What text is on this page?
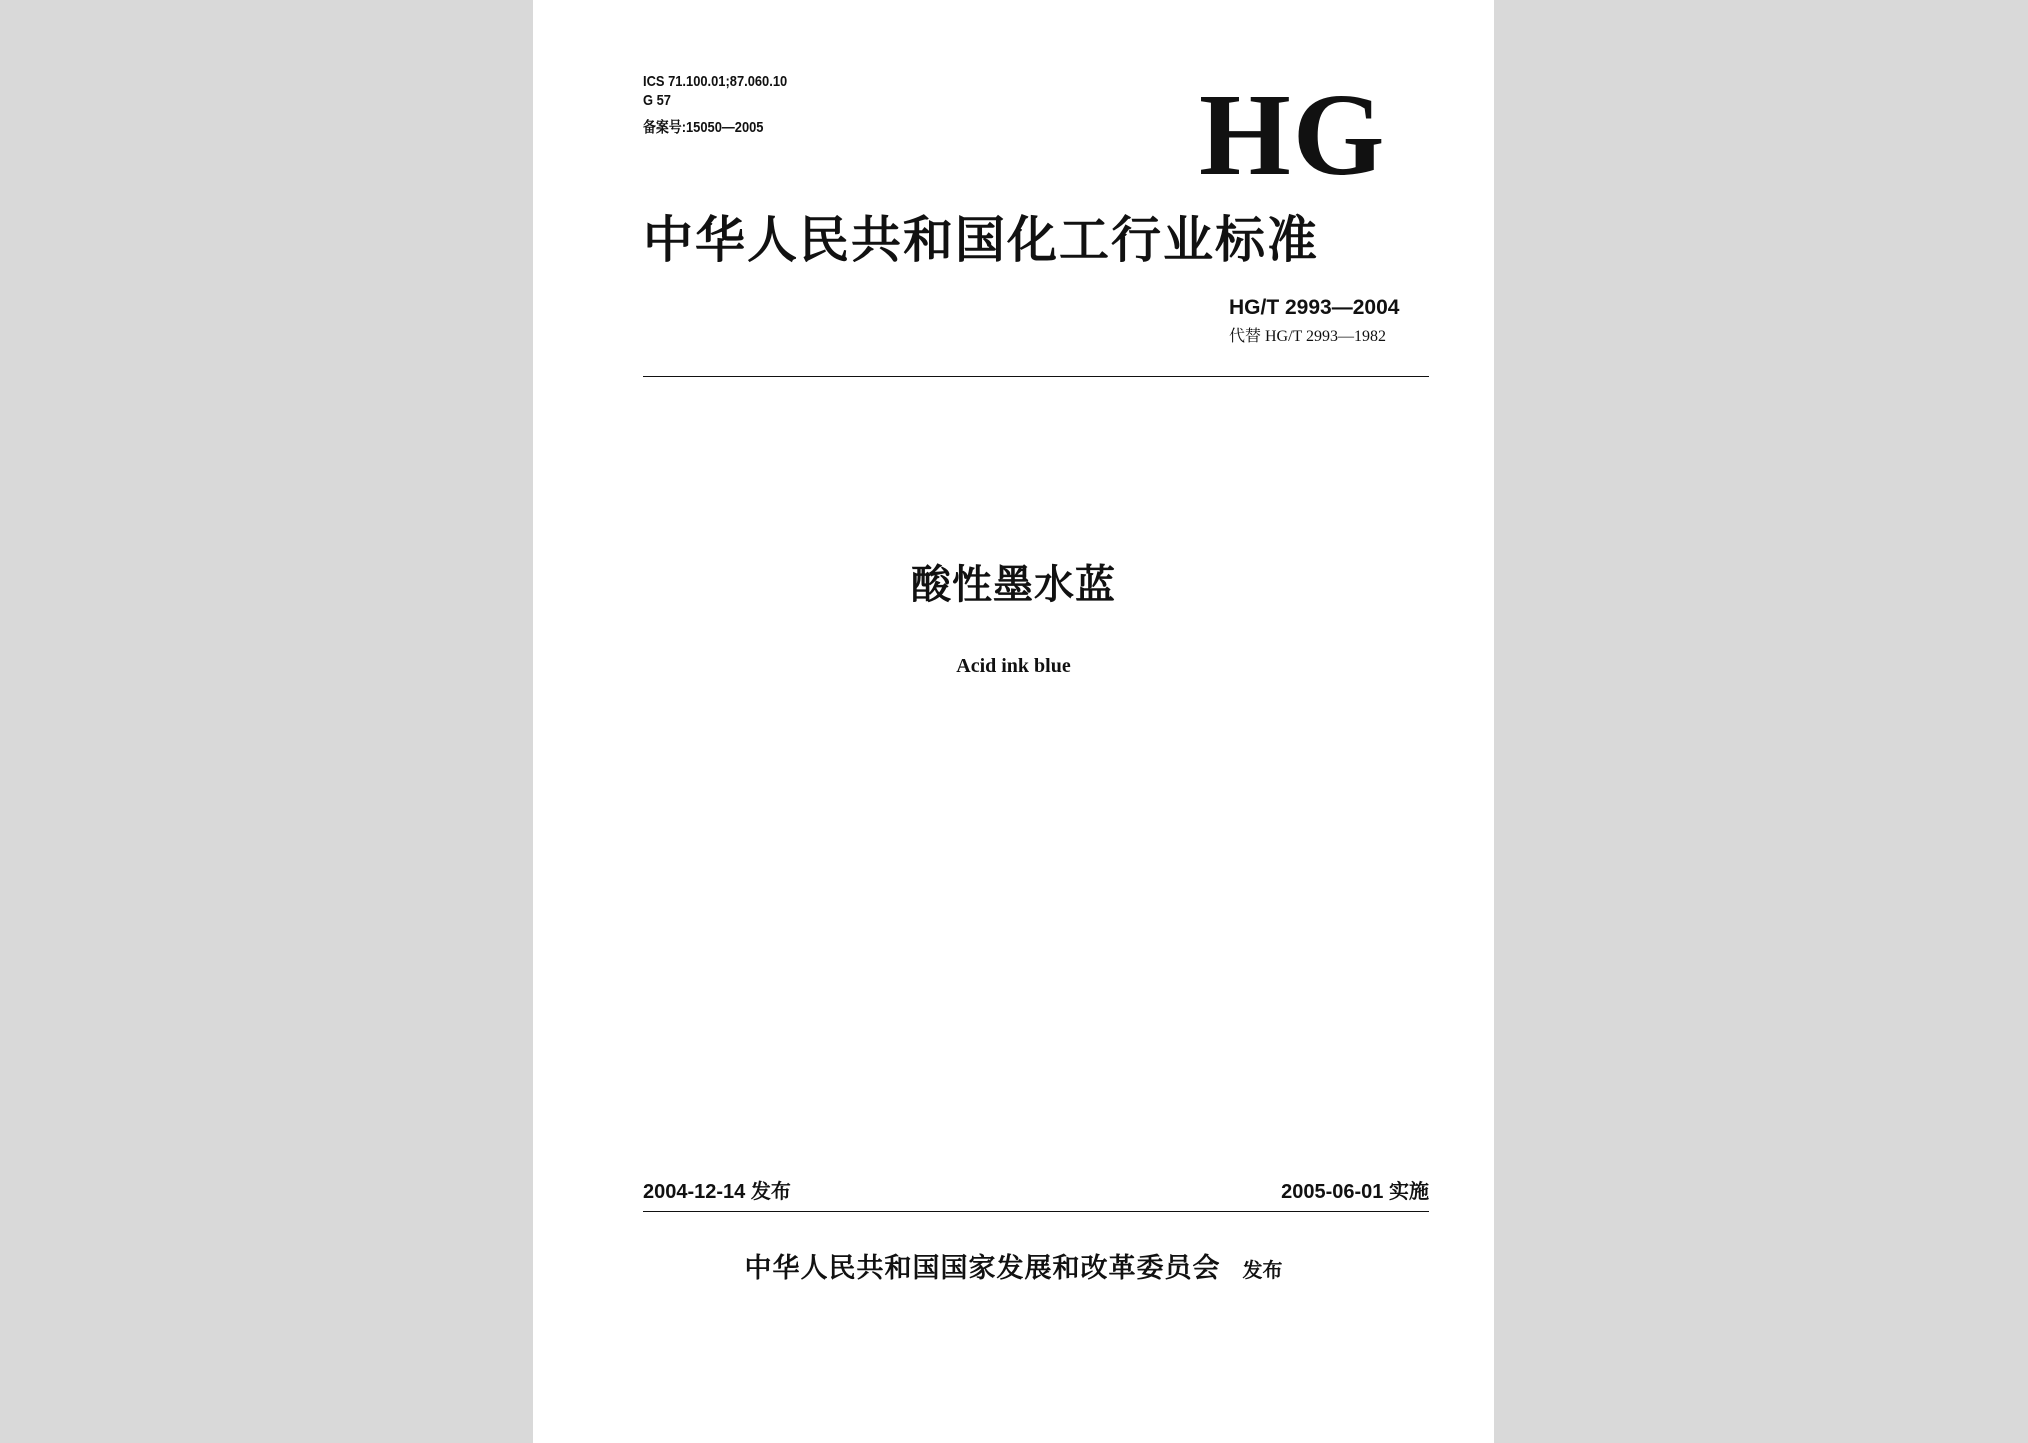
ICS 71.100.01;87.060.10
G 57
备案号:15050—2005	HG
中华人民共和国化工行业标准
HG/T 2993—2004
代替 HG/T 2993—1982
酸性墨水蓝
Acid ink blue
2004-12-14 发布	2005-06-01 实施
中华人民共和国国家发展和改革委员会 发布
